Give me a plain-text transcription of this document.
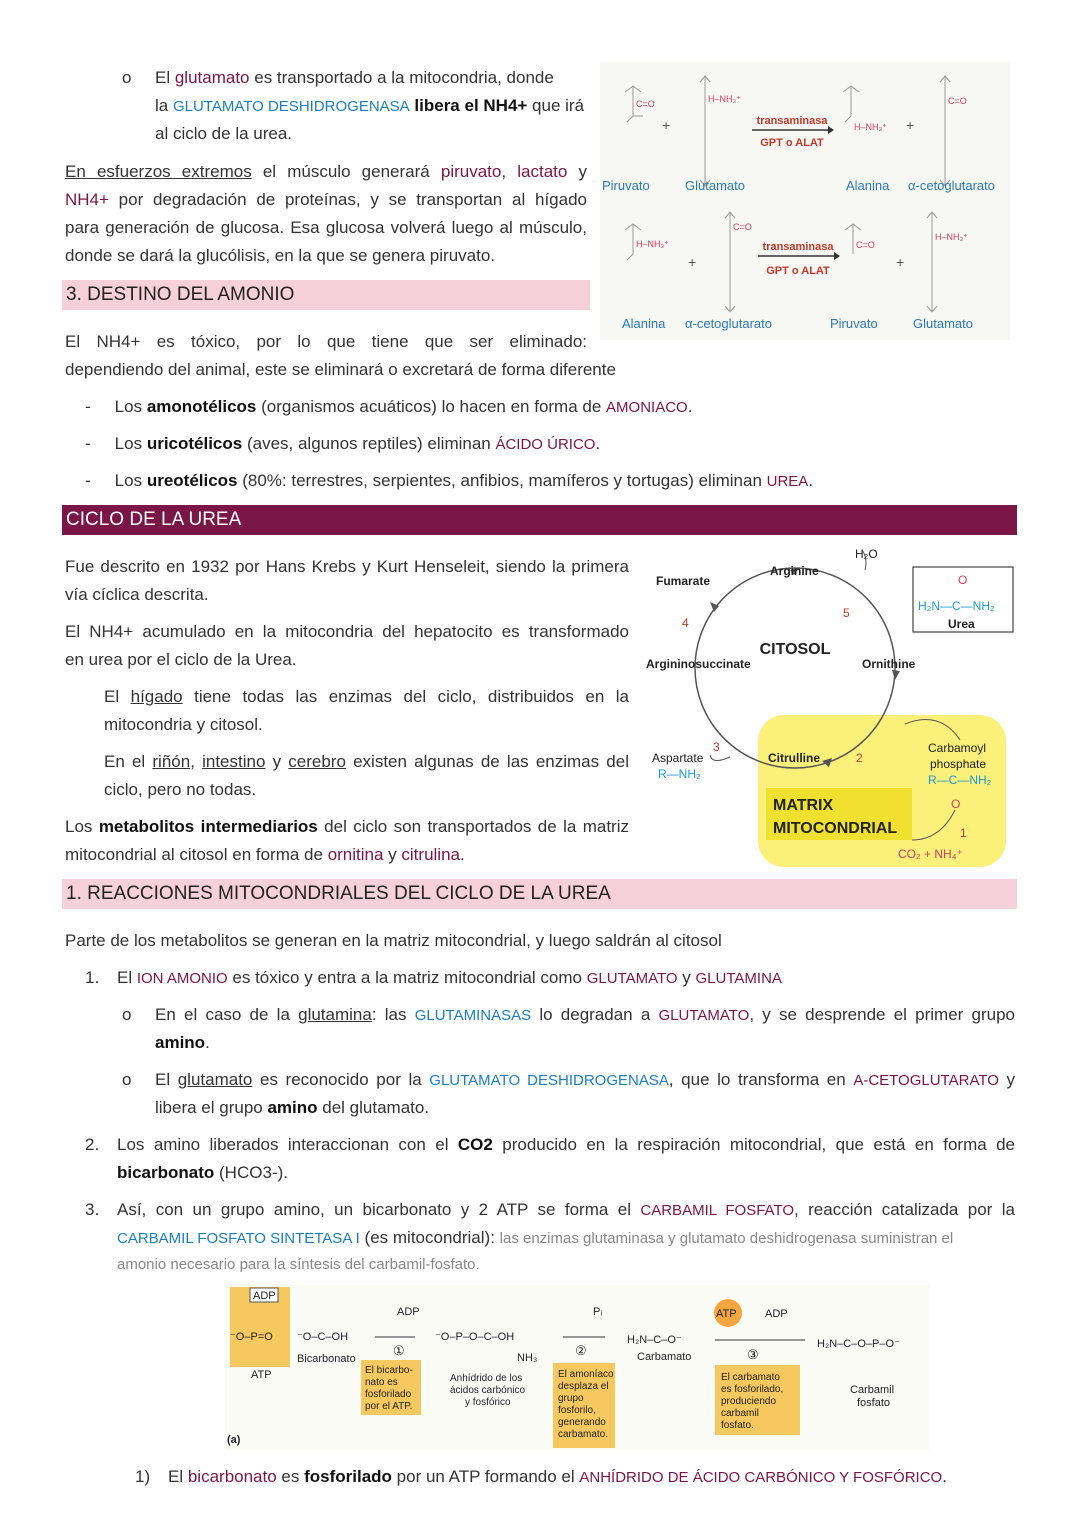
o El glutamato es transportado a la mitocondria, donde
la GLUTAMATO DESHIDROGENASA libera el NH4+ que irá
al ciclo de la urea.
En esfuerzos extremos el músculo generará piruvato, lactato y
NH4+ por degradación de proteínas, y se transportan al hígado
para generación de glucosa. Esa glucosa volverá luego al músculo,
donde se dará la glucólisis, en la que se genera piruvato.
C=O	H‒NH₃⁺
H‒NH₃⁺
C=O
H‒NH₃⁺
C=O
C=O
H‒NH₃⁺
+	+
+	+
transaminasa
GPT o ALAT
transaminasa
GPT o ALAT
Piruvato	Glutamato	Alanina α-cetoglutarato
Alanina α-cetoglutarato	Piruvato	Glutamato
3. DESTINO DEL AMONIO
El NH4+ es tóxico, por lo que tiene que ser eliminado:
dependiendo del animal, este se eliminará o excretará de forma diferente
- Los amonotélicos (organismos acuáticos) lo hacen en forma de AMONIACO.
- Los uricotélicos (aves, algunos reptiles) eliminan ÁCIDO ÚRICO.
- Los ureotélicos (80%: terrestres, serpientes, anfibios, mamíferos y tortugas) eliminan UREA.
CICLO DE LA UREA
Fue descrito en 1932 por Hans Krebs y Kurt Henseleit, siendo la primera
vía cíclica descrita.
El NH4+ acumulado en la mitocondria del hepatocito es transformado
en urea por el ciclo de la Urea.
El hígado tiene todas las enzimas del ciclo, distribuidos en la
mitocondria y citosol.
En el riñón, intestino y cerebro existen algunas de las enzimas del
ciclo, pero no todas.
Los metabolitos intermediarios del ciclo son transportados de la matriz
mitocondrial al citosol en forma de ornitina y citrulina.
MATRIX
MITOCONDRIAL
CITOSOL
H₂O
Arginine
Fumarate
Argininosuccinate	Ornithine
Citrulline
Aspartate
R—NH₂
Carbamoyl
phosphate
R—C—NH₂
O
CO₂ + NH₄⁺
O
H₂N—C—NH₂
Urea
1
2
3
4
5
1. REACCIONES MITOCONDRIALES DEL CICLO DE LA UREA
Parte de los metabolitos se generan en la matriz mitocondrial, y luego saldrán al citosol
1. El ION AMONIO es tóxico y entra a la matriz mitocondrial como GLUTAMATO y GLUTAMINA
o En el caso de la glutamina: las GLUTAMINASAS lo degradan a GLUTAMATO, y se desprende el primer grupo
amino.
o El glutamato es reconocido por la GLUTAMATO DESHIDROGENASA, que lo transforma en A-CETOGLUTARATO y
libera el grupo amino del glutamato.
2. Los amino liberados interaccionan con el CO2 producido en la respiración mitocondrial, que está en forma de
bicarbonato (HCO3-).
3. Así, con un grupo amino, un bicarbonato y 2 ATP se forma el CARBAMIL FOSFATO, reacción catalizada por la
CARBAMIL FOSFATO SINTETASA I (es mitocondrial): las enzimas glutaminasa y glutamato deshidrogenasa suministran el
amonio necesario para la síntesis del carbamil-fosfato.
ADP
⁻O‒P=O
ATP
⁻O‒C‒OH
Bicarbonato
ADP
①
El bicarbo-
nato es
fosforilado
por el ATP.
⁻O‒P‒O‒C‒OH
NH₃
Anhídrido de los
ácidos carbónico
y fosfórico
Pᵢ
②
El amoníaco
desplaza el
grupo
fosforilo,
generando
carbamato.
H₂N‒C‒O⁻
Carbamato
ATP	ADP
③
El carbamato
es fosforilado,
produciendo
carbamil
fosfato.
H₂N‒C‒O‒P‒O⁻
Carbamil
fosfato
(a)
1) El bicarbonato es fosforilado por un ATP formando el ANHÍDRIDO DE ÁCIDO CARBÓNICO Y FOSFÓRICO.
